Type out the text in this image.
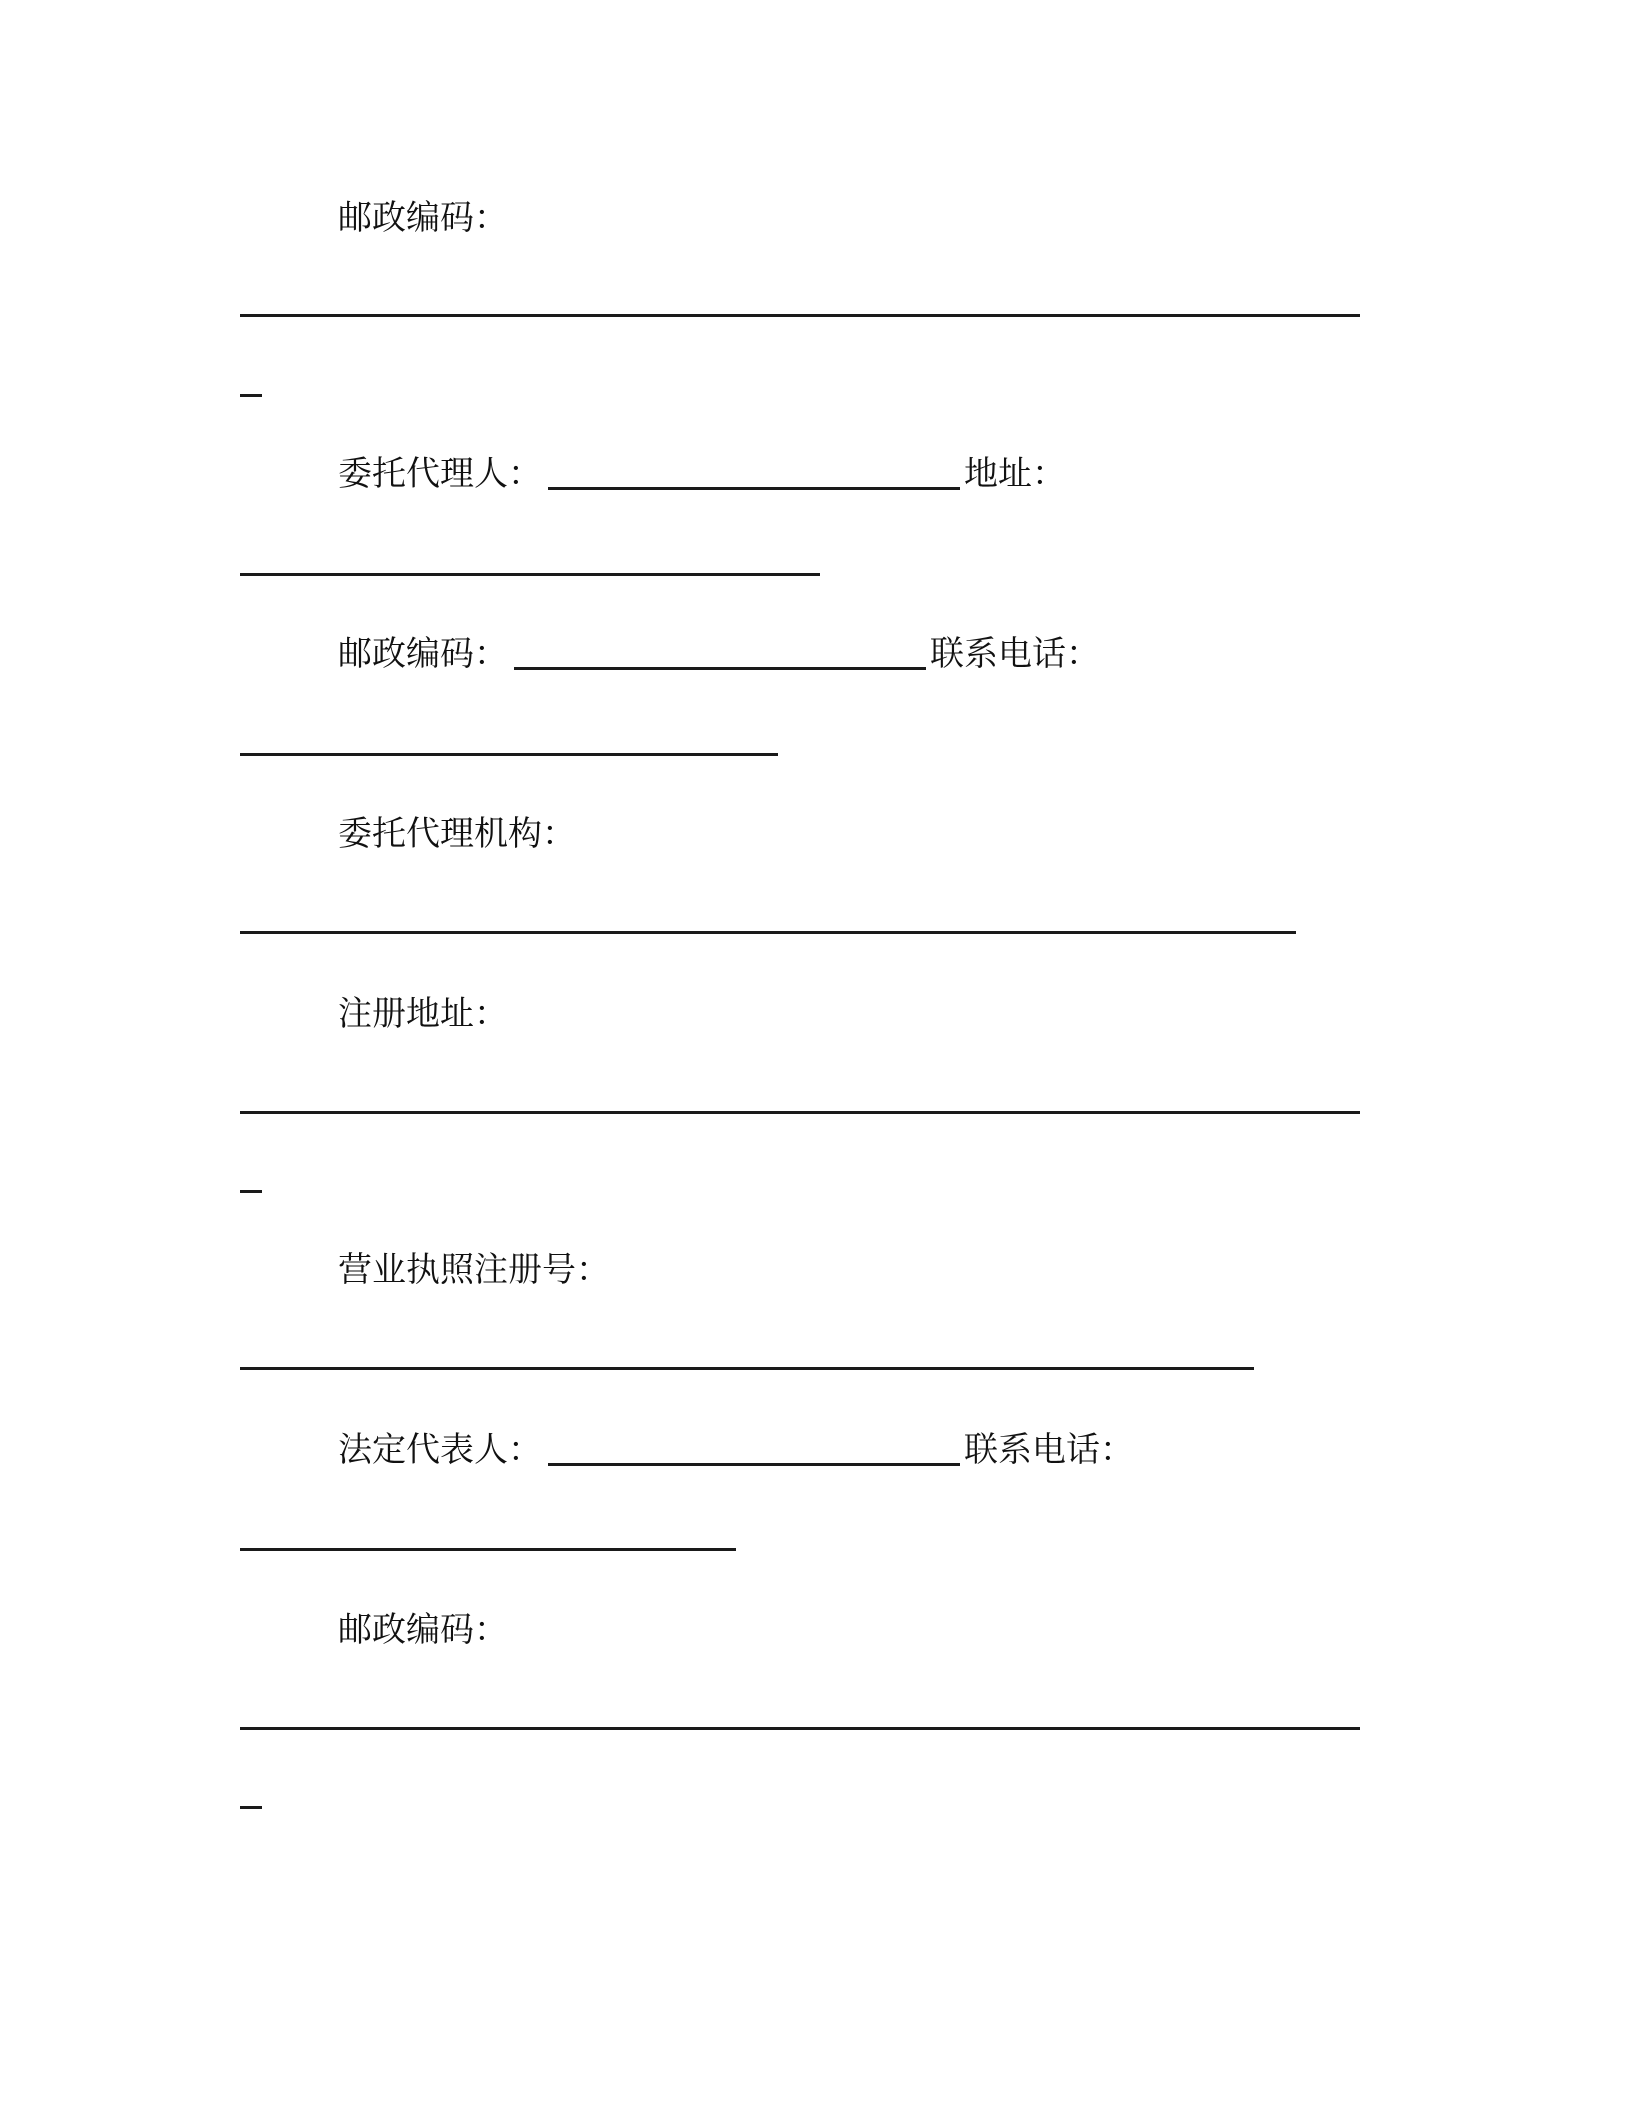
邮政编码：
委托代理人：	地址：
邮政编码：	联系电话：
委托代理机构：
注册地址：
营业执照注册号：
法定代表人：	联系电话：
邮政编码：
